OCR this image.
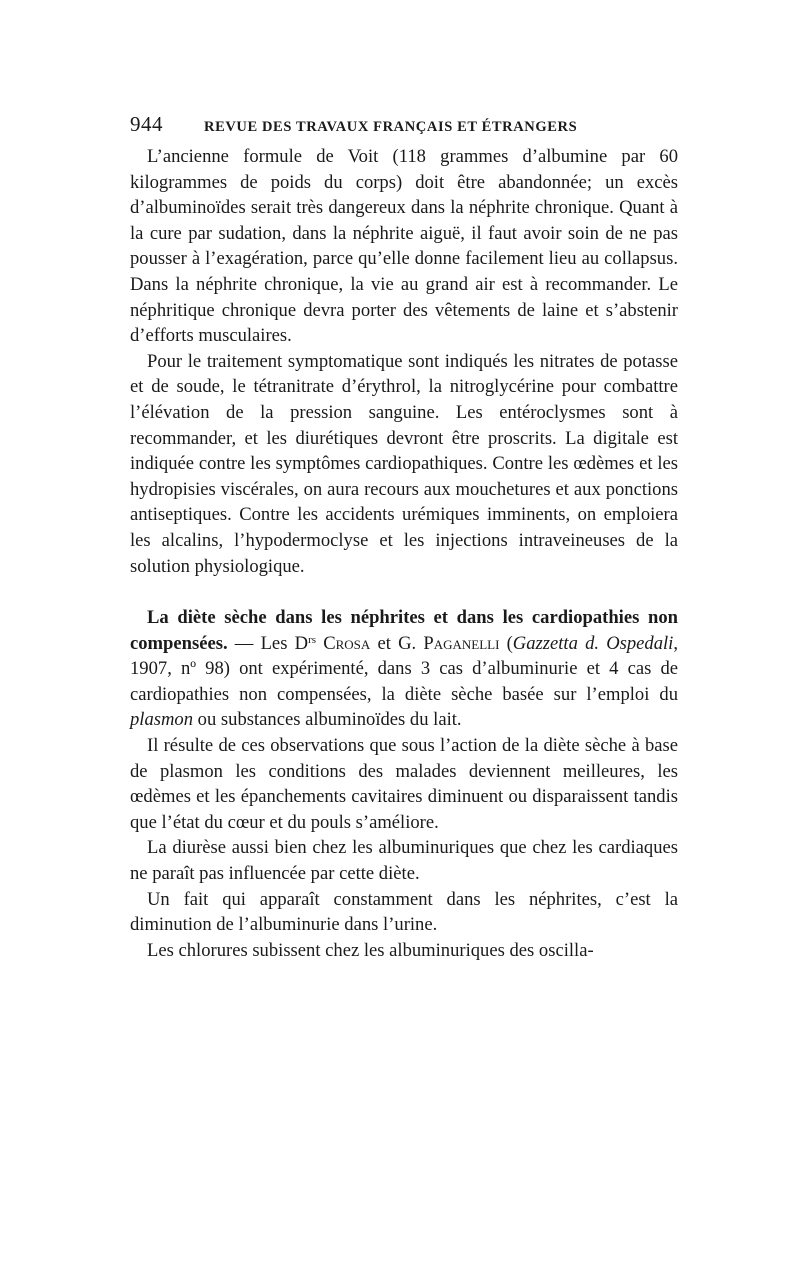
944	REVUE DES TRAVAUX FRANÇAIS ET ÉTRANGERS

L’ancienne formule de Voit (118 grammes d’albumine par 60 kilogrammes de poids du corps) doit être abandonnée; un excès d’albuminoïdes serait très dangereux dans la néphrite chronique. Quant à la cure par sudation, dans la néphrite aiguë, il faut avoir soin de ne pas pousser à l’exagération, parce qu’elle donne facilement lieu au collapsus. Dans la néphrite chronique, la vie au grand air est à recommander. Le néphritique chronique devra porter des vêtements de laine et s’abstenir d’efforts musculaires.

Pour le traitement symptomatique sont indiqués les nitrates de potasse et de soude, le tétranitrate d’érythrol, la nitroglycérine pour combattre l’élévation de la pression sanguine. Les entéroclysmes sont à recommander, et les diurétiques devront être proscrits. La digitale est indiquée contre les symptômes cardiopathiques. Contre les œdèmes et les hydropisies viscérales, on aura recours aux mouchetures et aux ponctions antiseptiques. Contre les accidents urémiques imminents, on emploiera les alcalins, l’hypodermoclyse et les injections intraveineuses de la solution physiologique.

La diète sèche dans les néphrites et dans les cardiopathies non compensées. — Les $D^{rs}$ Crosa et G. Paganelli (Gazzetta d. Ospedali, 1907, nº 98) ont expérimenté, dans 3 cas d’albuminurie et 4 cas de cardiopathies non compensées, la diète sèche basée sur l’emploi du plasmon ou substances albuminoïdes du lait.

Il résulte de ces observations que sous l’action de la diète sèche à base de plasmon les conditions des malades deviennent meilleures, les œdèmes et les épanchements cavitaires diminuent ou disparaissent tandis que l’état du cœur et du pouls s’améliore.

La diurèse aussi bien chez les albuminuriques que chez les cardiaques ne paraît pas influencée par cette diète.

Un fait qui apparaît constamment dans les néphrites, c’est la diminution de l’albuminurie dans l’urine.

Les chlorures subissent chez les albuminuriques des oscilla-
